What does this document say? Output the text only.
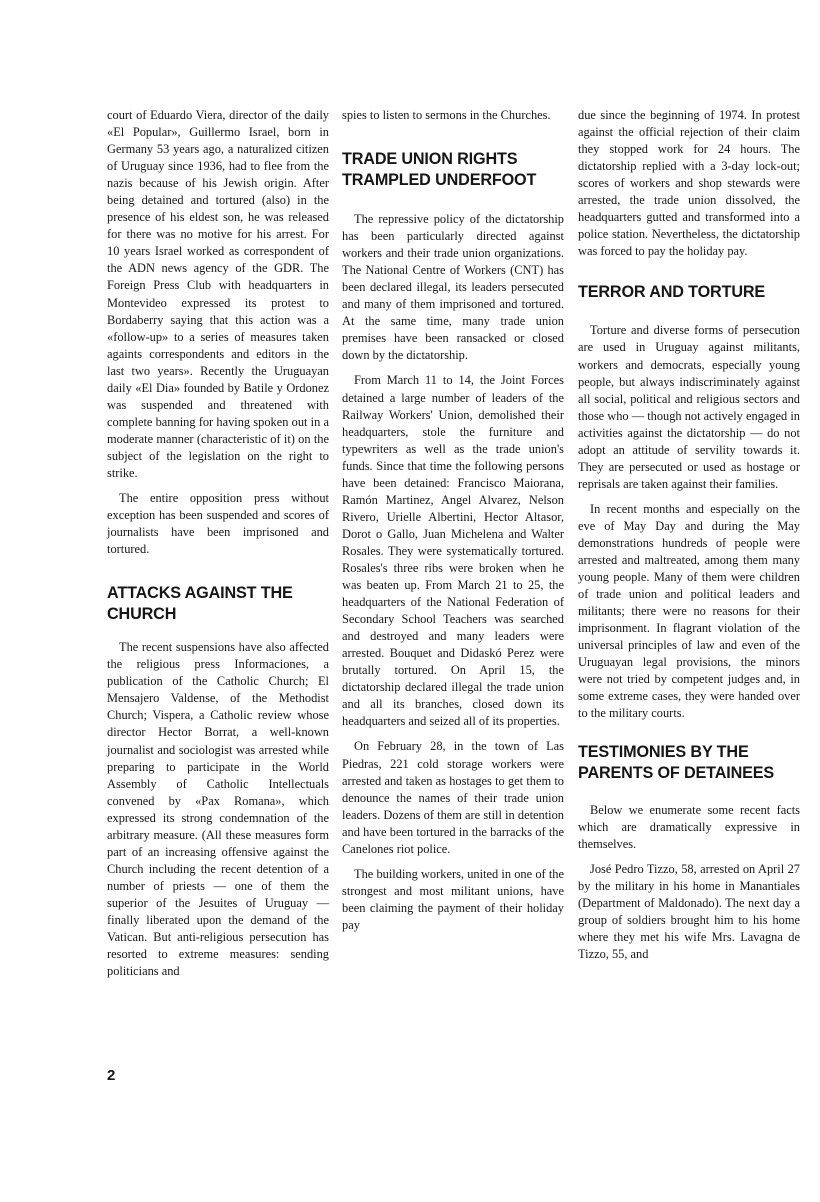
court of Eduardo Viera, director of the daily «El Popular», Guillermo Israel, born in Germany 53 years ago, a naturalized citizen of Uruguay since 1936, had to flee from the nazis because of his Jewish origin. After being detained and tortured (also) in the presence of his eldest son, he was released for there was no motive for his arrest. For 10 years Israel worked as correspondent of the ADN news agency of the GDR. The Foreign Press Club with headquarters in Montevideo expressed its protest to Bordaberry saying that this action was a «follow-up» to a series of measures taken againts correspondents and editors in the last two years». Recently the Uruguayan daily «El Dia» founded by Batile y Ordonez was suspended and threatened with complete banning for having spoken out in a moderate manner (characteristic of it) on the subject of the legislation on the right to strike.

The entire opposition press without exception has been suspended and scores of journalists have been imprisoned and tortured.

ATTACKS AGAINST THE CHURCH

The recent suspensions have also affected the religious press Informaciones, a publication of the Catholic Church; El Mensajero Valdense, of the Methodist Church; Vispera, a Catholic review whose director Hector Borrat, a well-known journalist and sociologist was arrested while preparing to participate in the World Assembly of Catholic Intellectuals convened by «Pax Romana», which expressed its strong condemnation of the arbitrary measure. (All these measures form part of an increasing offensive against the Church including the recent detention of a number of priests — one of them the superior of the Jesuites of Uruguay — finally liberated upon the demand of the Vatican. But anti-religious persecution has resorted to extreme measures: sending politicians and

spies to listen to sermons in the Churches.

TRADE UNION RIGHTS TRAMPLED UNDERFOOT

The repressive policy of the dictatorship has been particularly directed against workers and their trade union organizations. The National Centre of Workers (CNT) has been declared illegal, its leaders persecuted and many of them imprisoned and tortured. At the same time, many trade union premises have been ransacked or closed down by the dictatorship.

From March 11 to 14, the Joint Forces detained a large number of leaders of the Railway Workers' Union, demolished their headquarters, stole the furniture and typewriters as well as the trade union's funds. Since that time the following persons have been detained: Francisco Maiorana, Ramón Martinez, Angel Alvarez, Nelson Rivero, Urielle Albertini, Hector Altasor, Dorot o Gallo, Juan Michelena and Walter Rosales. They were systematically tortured. Rosales's three ribs were broken when he was beaten up. From March 21 to 25, the headquarters of the National Federation of Secondary School Teachers was searched and destroyed and many leaders were arrested. Bouquet and Didaskó Perez were brutally tortured. On April 15, the dictatorship declared illegal the trade union and all its branches, closed down its headquarters and seized all of its properties.

On February 28, in the town of Las Piedras, 221 cold storage workers were arrested and taken as hostages to get them to denounce the names of their trade union leaders. Dozens of them are still in detention and have been tortured in the barracks of the Canelones riot police.

The building workers, united in one of the strongest and most militant unions, have been claiming the payment of their holiday pay

due since the beginning of 1974. In protest against the official rejection of their claim they stopped work for 24 hours. The dictatorship replied with a 3-day lock-out; scores of workers and shop stewards were arrested, the trade union dissolved, the headquarters gutted and transformed into a police station. Nevertheless, the dictatorship was forced to pay the holiday pay.

TERROR AND TORTURE

Torture and diverse forms of persecution are used in Uruguay against militants, workers and democrats, especially young people, but always indiscriminately against all social, political and religious sectors and those who — though not actively engaged in activities against the dictatorship — do not adopt an attitude of servility towards it. They are persecuted or used as hostage or reprisals are taken against their families.

In recent months and especially on the eve of May Day and during the May demonstrations hundreds of people were arrested and maltreated, among them many young people. Many of them were children of trade union and political leaders and militants; there were no reasons for their imprisonment. In flagrant violation of the universal principles of law and even of the Uruguayan legal provisions, the minors were not tried by competent judges and, in some extreme cases, they were handed over to the military courts.

TESTIMONIES BY THE PARENTS OF DETAINEES

Below we enumerate some recent facts which are dramatically expressive in themselves.

José Pedro Tizzo, 58, arrested on April 27 by the military in his home in Manantiales (Department of Maldonado). The next day a group of soldiers brought him to his home where they met his wife Mrs. Lavagna de Tizzo, 55, and

2
